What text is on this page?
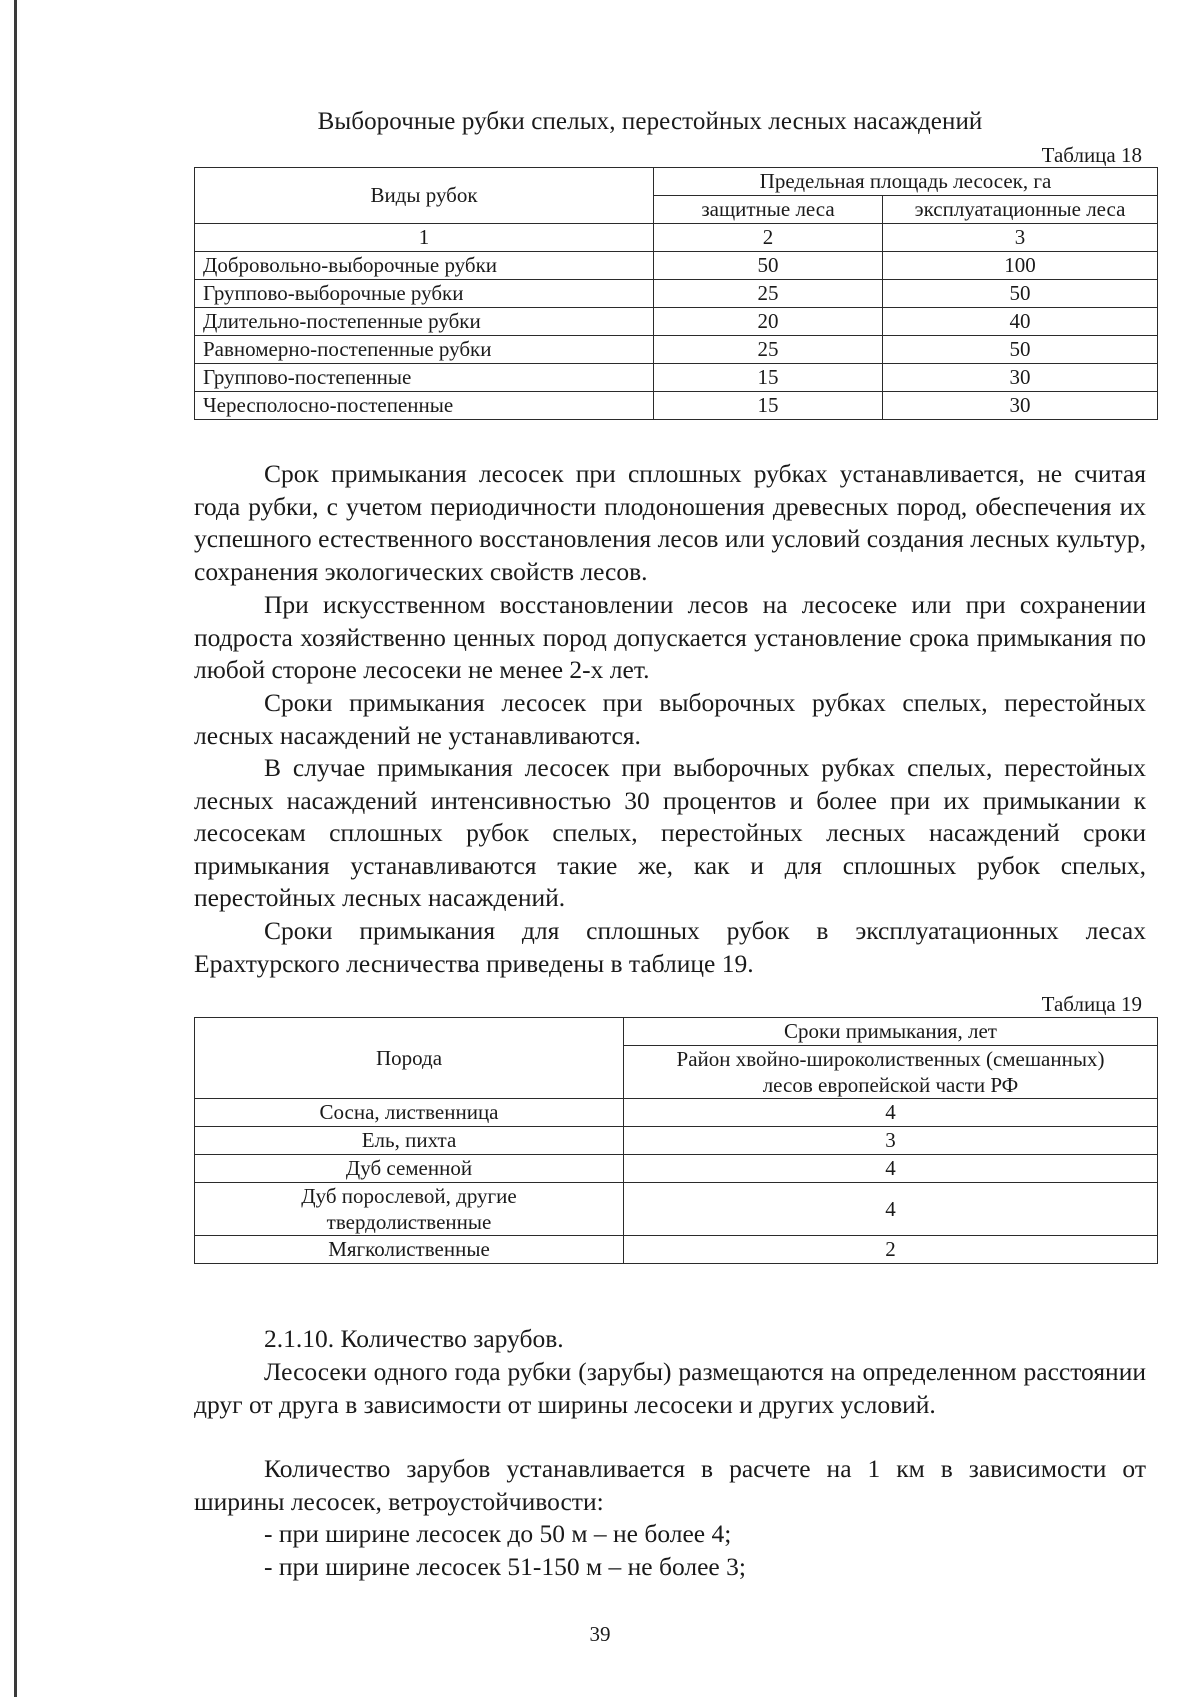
Выборочные рубки спелых, перестойных лесных насаждений
Таблица 18
Виды рубок	Предельная площадь лесосек, га	
	защитные леса	эксплуатационные леса
1	2	3
Добровольно-выборочные рубки	50	100
Группово-выборочные рубки	25	50
Длительно-постепенные рубки	20	40
Равномерно-постепенные рубки	25	50
Группово-постепенные	15	30
Чересполосно-постепенные	15	30
Срок примыкания лесосек при сплошных рубках устанавливается, не считая года рубки, с учетом периодичности плодоношения древесных пород, обеспечения их успешного естественного восстановления лесов или условий создания лесных культур, сохранения экологических свойств лесов.
При искусственном восстановлении лесов на лесосеке или при сохранении подроста хозяйственно ценных пород допускается установление срока примыкания по любой стороне лесосеки не менее 2-х лет.
Сроки примыкания лесосек при выборочных рубках спелых, перестойных лесных насаждений не устанавливаются.
В случае примыкания лесосек при выборочных рубках спелых, перестойных лесных насаждений интенсивностью 30 процентов и более при их примыкании к лесосекам сплошных рубок спелых, перестойных лесных насаждений сроки примыкания устанавливаются такие же, как и для сплошных рубок спелых, перестойных лесных насаждений.
Сроки примыкания для сплошных рубок в эксплуатационных лесах Ерахтурского лесничества приведены в таблице 19.
Таблица 19
Порода	Сроки примыкания, лет

	Район хвойно-широколиственных (смешанных)
лесов европейской части РФ

Сосна, лиственница	4
Ель, пихта	3
Дуб семенной	4

Дуб порослевой, другие
твердолиственные	4
Мягколиственные	2
2.1.10. Количество зарубов.
Лесосеки одного года рубки (зарубы) размещаются на определенном расстоянии друг от друга в зависимости от ширины лесосеки и других условий.
Количество зарубов устанавливается в расчете на 1 км в зависимости от ширины лесосек, ветроустойчивости:
- при ширине лесосек до 50 м – не более 4;
- при ширине лесосек 51-150 м – не более 3;
39
